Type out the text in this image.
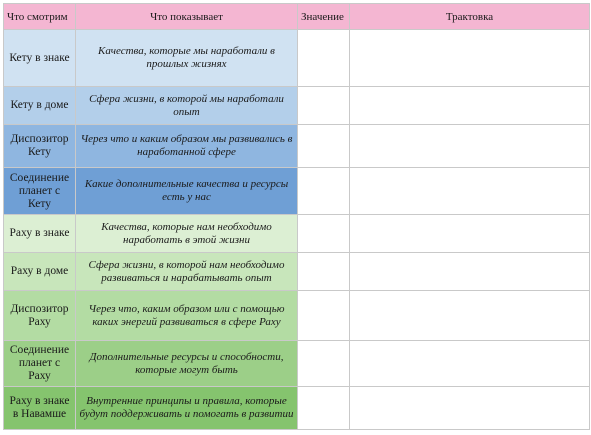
Что смотрим	Что показывает	Значение	Трактовка
Кету в знаке	Качества, которые мы наработали в прошлых жизнях		
Кету в доме	Сфера жизни, в которой мы наработали опыт		
Диспозитор Кету	Через что и каким образом мы развивались в наработанной сфере		
Соединение планет с Кету	Какие дополнительные качества и ресурсы есть у нас		
Раху в знаке	Качества, которые нам необходимо наработать в этой жизни		
Раху в доме	Сфера жизни, в которой нам необходимо развиваться и нарабатывать опыт		
Диспозитор Раху	Через что, каким образом или с помощью каких энергий развиваться в сфере Раху		
Соединение планет с Раху	Дополнительные ресурсы и способности, которые могут быть		
Раху в знаке в Навамше	Внутренние принципы и правила, которые будут поддерживать и помогать в развитии		
